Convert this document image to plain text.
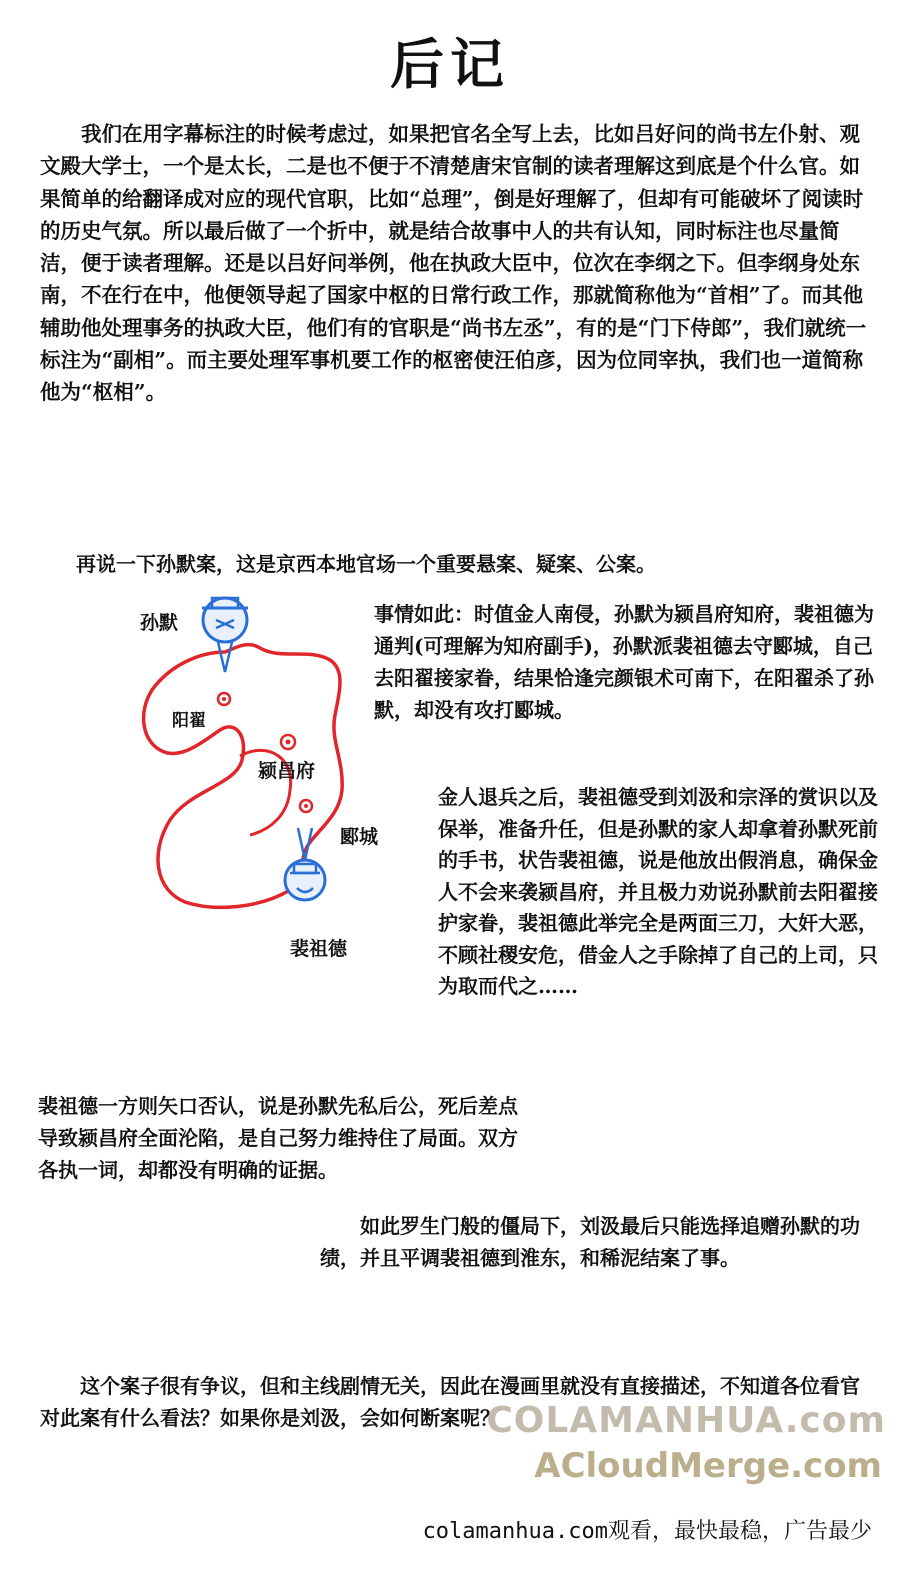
后记

我们在用字幕标注的时候考虑过，如果把官名全写上去，比如吕好问的尚书左仆射、观文殿大学士，一个是太长，二是也不便于不清楚唐宋官制的读者理解这到底是个什么官。如果简单的给翻译成对应的现代官职，比如“总理”，倒是好理解了，但却有可能破坏了阅读时的历史气氛。所以最后做了一个折中，就是结合故事中人的共有认知，同时标注也尽量简洁，便于读者理解。还是以吕好问举例，他在执政大臣中，位次在李纲之下。但李纲身处东南，不在行在中，他便领导起了国家中枢的日常行政工作，那就简称他为“首相”了。而其他辅助他处理事务的执政大臣，他们有的官职是“尚书左丞”，有的是“门下侍郎”，我们就统一标注为“副相”。而主要处理军事机要工作的枢密使汪伯彦，因为位同宰执，我们也一道简称他为“枢相”。

再说一下孙默案，这是京西本地官场一个重要悬案、疑案、公案。

事情如此：时值金人南侵，孙默为颍昌府知府，裴祖德为通判(可理解为知府副手)，孙默派裴祖德去守郾城，自己去阳翟接家眷，结果恰逢完颜银术可南下，在阳翟杀了孙默，却没有攻打郾城。

金人退兵之后，裴祖德受到刘汲和宗泽的赏识以及保举，准备升任，但是孙默的家人却拿着孙默死前的手书，状告裴祖德，说是他放出假消息，确保金人不会来袭颍昌府，并且极力劝说孙默前去阳翟接护家眷，裴祖德此举完全是两面三刀，大奸大恶，不顾社稷安危，借金人之手除掉了自己的上司，只为取而代之……

裴祖德一方则矢口否认，说是孙默先私后公，死后差点导致颍昌府全面沦陷，是自己努力维持住了局面。双方各执一词，却都没有明确的证据。

如此罗生门般的僵局下，刘汲最后只能选择追赠孙默的功绩，并且平调裴祖德到淮东，和稀泥结案了事。

这个案子很有争议，但和主线剧情无关，因此在漫画里就没有直接描述，不知道各位看官对此案有什么看法？如果你是刘汲，会如何断案呢？

孙默
阳翟
颍昌府
郾城
裴祖德
COLAMANHUA.com
ACloudMerge.com
colamanhua.com观看，最快最稳，广告最少
